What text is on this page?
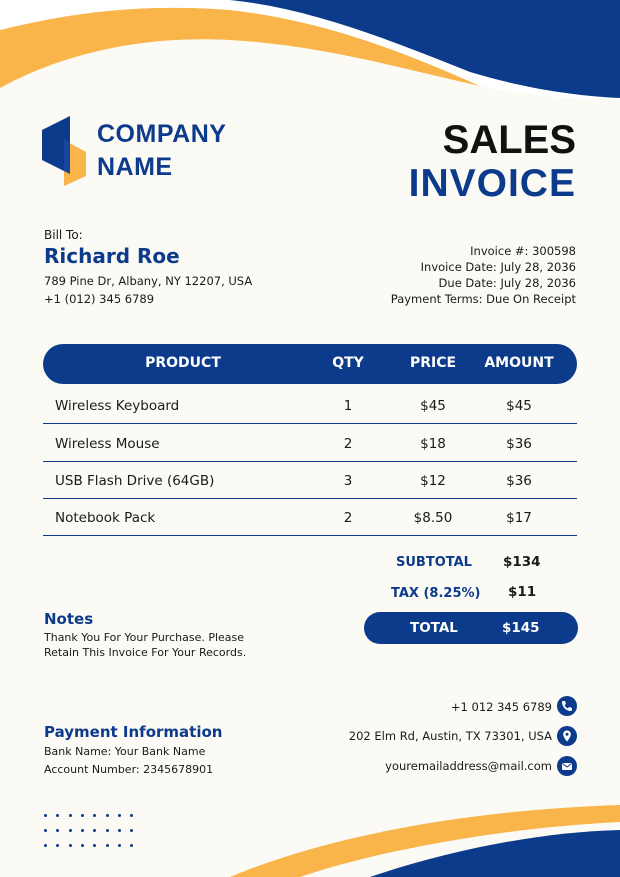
COMPANY
NAME
SALES
INVOICE
Bill To:
Richard Roe
789 Pine Dr, Albany, NY 12207, USA
+1 (012) 345 6789
Invoice #: 300598
Invoice Date: July 28, 2036
Due Date: July 28, 2036
Payment Terms: Due On Receipt
PRODUCT	QTY	PRICE	AMOUNT
Wireless Keyboard	1	$45	$45
Wireless Mouse	2	$18	$36
USB Flash Drive (64GB)	3	$12	$36
Notebook Pack	2	$8.50	$17
SUBTOTAL $134
TAX (8.25%) $11
TOTAL	$145
Notes
Thank You For Your Purchase. Please
Retain This Invoice For Your Records.
Payment Information
Bank Name: Your Bank Name
Account Number: 2345678901
+1 012 345 6789
202 Elm Rd, Austin, TX 73301, USA
youremailaddress@mail.com
